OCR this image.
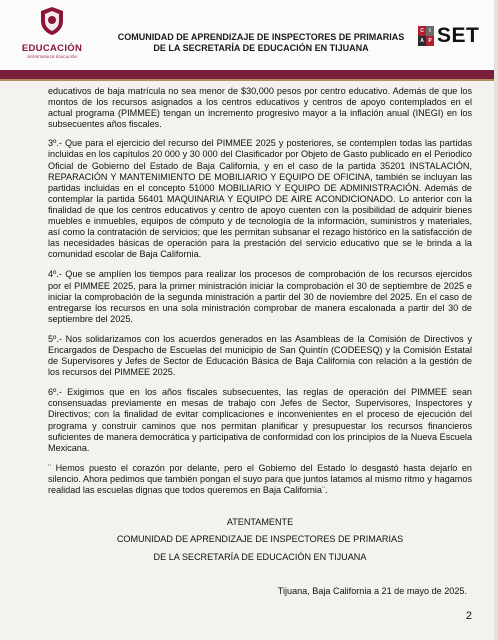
EDUCACIÓN
SECRETARÍA DE EDUCACIÓN
COMUNIDAD DE APRENDIZAJE DE INSPECTORES DE PRIMARIAS
DE LA SECRETARÍA DE EDUCACIÓN EN TIJUANA
C	I
A P SET

educativos de baja matrícula no sea menor de $30,000 pesos por centro educativo. Además de que los montos de los recursos asignados a los centros educativos y centros de apoyo contemplados en el actual programa (PIMMEE) tengan un incremento progresivo mayor a la inflación anual (INEGI) en los subsecuentes años fiscales.

3º.- Que para el ejercicio del recurso del PIMMEE 2025 y posteriores, se contemplen todas las partidas incluidas en los capítulos 20 000 y 30 000 del Clasificador por Objeto de Gasto publicado en el Periodico Oficial de Gobierno del Estado de Baja California, y en el caso de la partida 35201 INSTALACIÓN, REPARACIÓN Y MANTENIMIENTO DE MOBILIARIO Y EQUIPO DE OFICINA, también se incluyan las partidas incluidas en el concepto 51000 MOBILIARIO Y EQUIPO DE ADMINISTRACIÓN. Además de contemplar la partida 56401 MAQUINARIA Y EQUIPO DE AIRE ACONDICIONADO. Lo anterior con la finalidad de que los centros educativos y centro de apoyo cuenten con la posibilidad de adquirir bienes muebles e inmuebles, equipos de cómputo y de tecnología de la información, suministros y materiales, así como la contratación de servicios; que les permitan subsanar el rezago histórico en la satisfacción de las necesidades básicas de operación para la prestación del servicio educativo que se le brinda a la comunidad escolar de Baja California.

4º.- Que se amplíen los tiempos para realizar los procesos de comprobación de los recursos ejercidos por el PIMMEE 2025, para la primer ministración iniciar la comprobación el 30 de septiembre de 2025 e iniciar la comprobación de la segunda ministración a partir del 30 de noviembre del 2025. En el caso de entregarse los recursos en una sola ministración comprobar de manera escalonada a partir del 30 de septiembre del 2025.

5º.- Nos solidarizamos con los acuerdos generados en las Asambleas de la Comisión de Directivos y Encargados de Despacho de Escuelas del municipio de San Quintín (CODEESQ) y la Comisión Estatal de Supervisores y Jefes de Sector de Educación Básica de Baja California con relación a la gestión de los recursos del PIMMEE 2025.

6º.- Exigimos que en los años fiscales subsecuentes, las reglas de operación del PIMMEE sean consensuadas previamente en mesas de trabajo con Jefes de Sector, Supervisores, Inspectores y Directivos; con la finalidad de evitar complicaciones e inconvenientes en el proceso de ejecución del programa y construir caminos que nos permitan planificar y presupuestar los recursos financieros suficientes de manera democrática y participativa de conformidad con los principios de la Nueva Escuela Mexicana.

¨ Hemos puesto el corazón por delante, pero el Gobierno del Estado lo desgastó hasta dejarlo en silencio. Ahora pedimos que también pongan el suyo para que juntos latamos al mismo ritmo y hagamos realidad las escuelas dignas que todos queremos en Baja California¨.

ATENTAMENTE
COMUNIDAD DE APRENDIZAJE DE INSPECTORES DE PRIMARIAS
DE LA SECRETARÍA DE EDUCACIÓN EN TIJUANA
Tijuana, Baja California a 21 de mayo de 2025.
2
